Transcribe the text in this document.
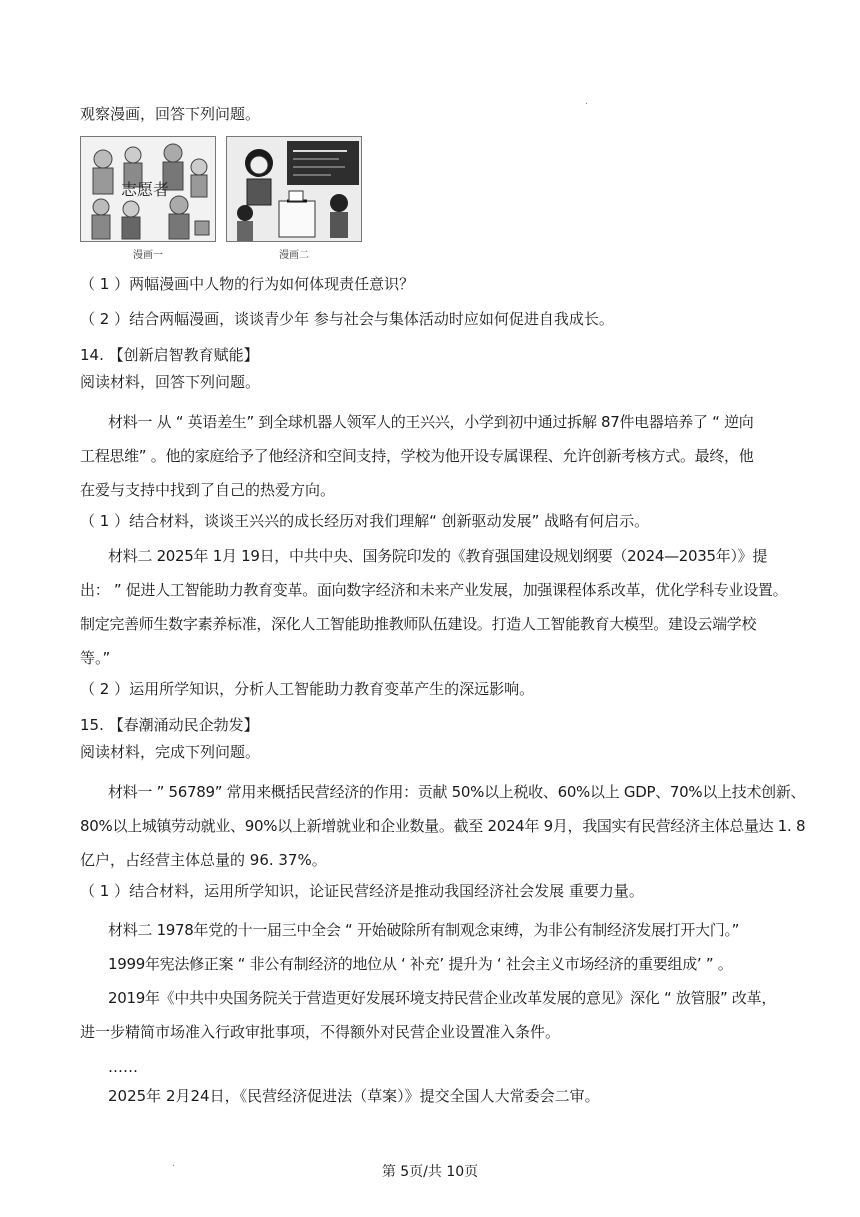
观察漫画，回答下列问题。
志愿者
漫画一	漫画二
（ 1 ）两幅漫画中人物的行为如何体现责任意识？
（ 2 ）结合两幅漫画，谈谈青少年 参与社会与集体活动时应如何促进自我成长。
14. 【创新启智教育赋能】
阅读材料，回答下列问题。
材料一 从 “ 英语差生” 到全球机器人领军人的王兴兴，小学到初中通过拆解 87件电器培养了 “ 逆向
工程思维” 。他的家庭给予了他经济和空间支持，学校为他开设专属课程、允许创新考核方式。最终，他
在爱与支持中找到了自己的热爱方向。
（ 1 ）结合材料，谈谈王兴兴的成长经历对我们理解“ 创新驱动发展” 战略有何启示。
材料二 2025年 1月 19日，中共中央、国务院印发的《教育强国建设规划纲要（2024—2035年）》提
出： ” 促进人工智能助力教育变革。面向数字经济和未来产业发展，加强课程体系改革，优化学科专业设置。
制定完善师生数字素养标准，深化人工智能助推教师队伍建设。打造人工智能教育大模型。建设云端学校
等。”
（ 2 ）运用所学知识，分析人工智能助力教育变革产生的深远影响。
15. 【春潮涌动民企勃发】
阅读材料，完成下列问题。
材料一 ” 56789” 常用来概括民营经济的作用：贡献 50%以上税收、60%以上 GDP、70%以上技术创新、
80%以上城镇劳动就业、90%以上新增就业和企业数量。截至 2024年 9月，我国实有民营经济主体总量达 1. 8
亿户，占经营主体总量的 96. 37%。
（ 1 ）结合材料，运用所学知识，论证民营经济是推动我国经济社会发展 重要力量。
材料二 1978年党的十一届三中全会 “ 开始破除所有制观念束缚，为非公有制经济发展打开大门。”
1999年宪法修正案 “ 非公有制经济的地位从 ‘ 补充’ 提升为 ‘ 社会主义市场经济的重要组成’ ” 。
2019年《中共中央国务院关于营造更好发展环境支持民营企业改革发展的意见》深化 “ 放管服” 改革，
进一步精简市场准入行政审批事项，不得额外对民营企业设置准入条件。
……
2025年 2月24日，《民营经济促进法（草案）》提交全国人大常委会二审。
.
.
第 5页/共 10页
